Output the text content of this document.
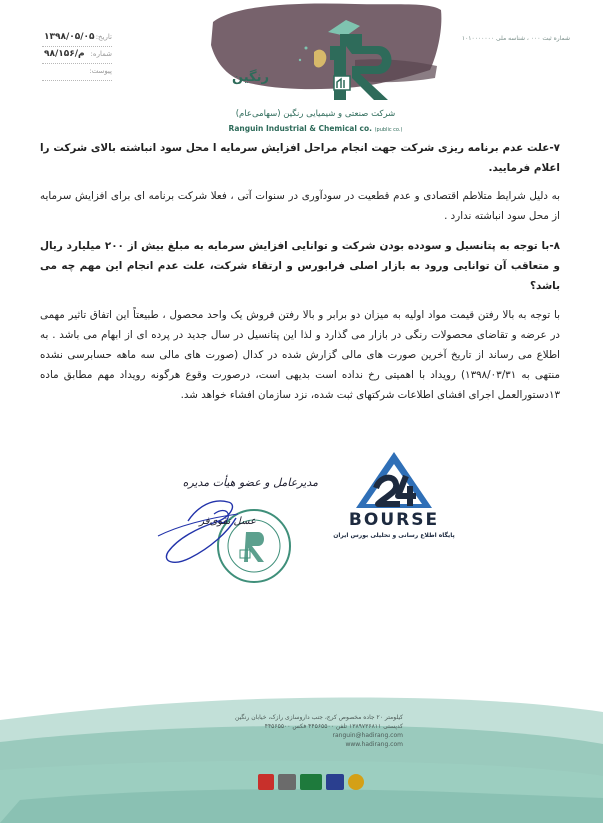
رنگین
شرکت صنعتی و شیمیایی رنگین (سهامی‌عام)
Ranguin Industrial & Chemical co. (public co.)
شماره ثبت ۰۰۰ ، شناسه ملی ۱۰۱۰۰۰۰۰۰۰
۱۳۹۸/۰۵/۰۵ تاریخ:
۹۸/م/۱۵۶ شماره:
پیوست:

۷-علت عدم برنامه ریزی شرکت جهت انجام مراحل افزایش سرمایه ا محل سود انباشته بالای شرکت را اعلام فرمایید.

به دلیل شرایط متلاطم اقتصادی و عدم قطعیت در سودآوری در سنوات آتی ، فعلا شرکت برنامه ای برای افزایش سرمایه از محل سود انباشته ندارد .

۸-با توجه به پتانسیل و سودده بودن شرکت و توانایی افزایش سرمایه به مبلغ بیش از ۲۰۰ میلیارد ریال و متعاقب آن توانایی ورود به بازار اصلی فرابورس و ارتقاء شرکت، علت عدم انجام این مهم چه می باشد؟

با توجه به بالا رفتن قیمت مواد اولیه به میزان دو برابر و بالا رفتن فروش یک واحد محصول ، طبیعتاً این اتفاق تاثیر مهمی در عرضه و تقاضای محصولات رنگی در بازار می گذارد و لذا این پتانسیل در سال جدید در پرده ای از ابهام می باشد . به اطلاع می رساند از تاریخ آخرین صورت های مالی گزارش شده در کدال (صورت های مالی سه ماهه حسابرسی نشده منتهی به ۱۳۹۸/۰۳/۳۱) رویداد با اهمیتی رخ نداده است بدیهی است، درصورت وقوع هرگونه رویداد مهم مطابق ماده ۱۳دستورالعمل اجرای افشای اطلاعات شرکتهای ثبت شده، نزد سازمان افشاء خواهد شد.

مدیرعامل و عضو هیأت مدیره
عسل تقوی‌فر	BOURSE
پایگاه اطلاع رسانی و تحلیلی بورس ایران
کیلومتر ۲۰ جاده مخصوص کرج، جنب داروسازی رازک، خیابان رنگین
کدپستی ۱۳۸۹۷۳۶۸۱۱ تلفن ۴۴۵۶۵۵۰۰ فکس ۴۴۵۶۵۵۰۰
ranguin@hadirang.com
www.hadirang.com
